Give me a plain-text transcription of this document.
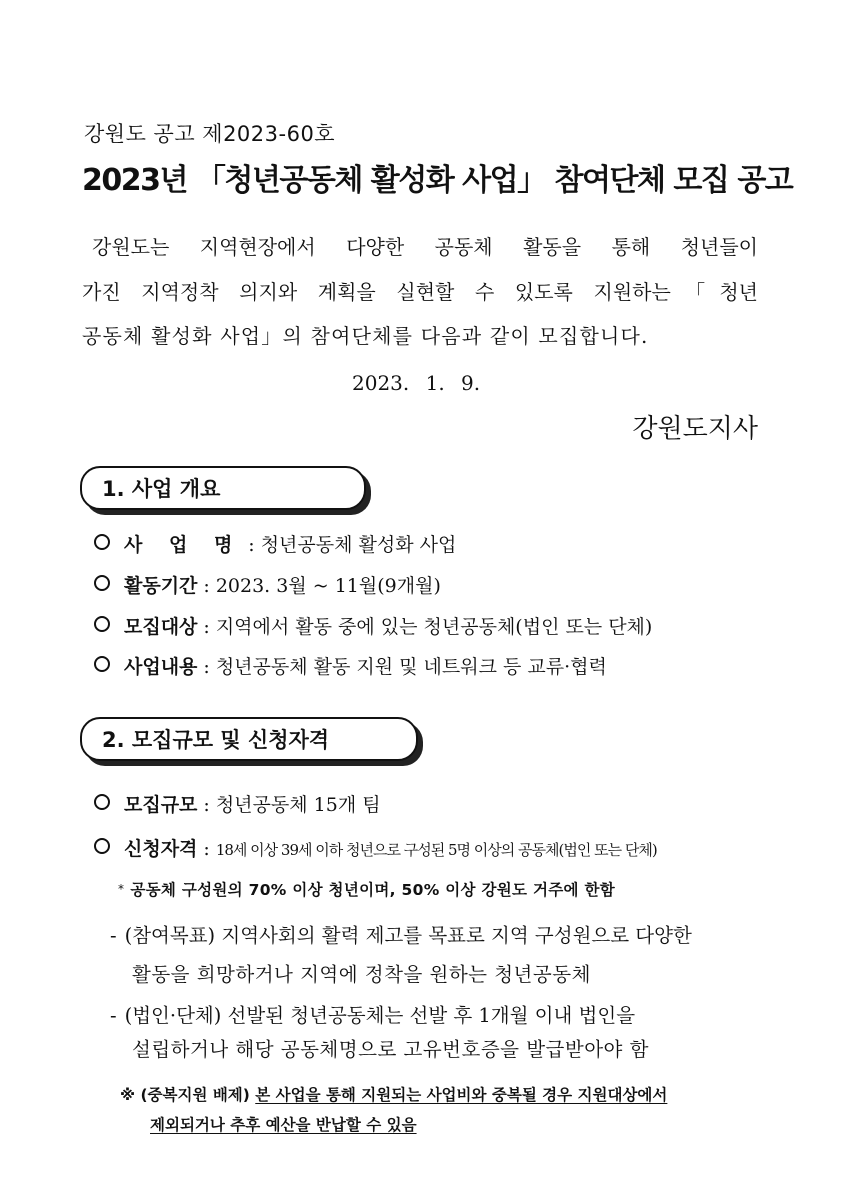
강원도 공고 제2023-60호
2023년 「청년공동체 활성화 사업」 참여단체 모집 공고
강원도는 지역현장에서 다양한 공동체 활동을 통해 청년들이
가진 지역정착 의지와 계획을 실현할 수 있도록 지원하는「청년
공동체 활성화 사업」의 참여단체를 다음과 같이 모집합니다.
2023. 1. 9.
강원도지사
1. 사업 개요
사 업 명 : 청년공동체 활성화 사업
활동기간 : 2023. 3월 ~ 11월(9개월)
모집대상 : 지역에서 활동 중에 있는 청년공동체(법인 또는 단체)
사업내용 : 청년공동체 활동 지원 및 네트워크 등 교류·협력
2. 모집규모 및 신청자격
모집규모 : 청년공동체 15개 팀
신청자격 : 18세 이상 39세 이하 청년으로 구성된 5명 이상의 공동체(법인 또는 단체)
* 공동체 구성원의 70% 이상 청년이며, 50% 이상 강원도 거주에 한함
- (참여목표) 지역사회의 활력 제고를 목표로 지역 구성원으로 다양한
활동을 희망하거나 지역에 정착을 원하는 청년공동체
- (법인·단체) 선발된 청년공동체는 선발 후 1개월 이내 법인을
설립하거나 해당 공동체명으로 고유번호증을 발급받아야 함
※ (중복지원 배제) 본 사업을 통해 지원되는 사업비와 중복될 경우 지원대상에서
제외되거나 추후 예산을 반납할 수 있음
